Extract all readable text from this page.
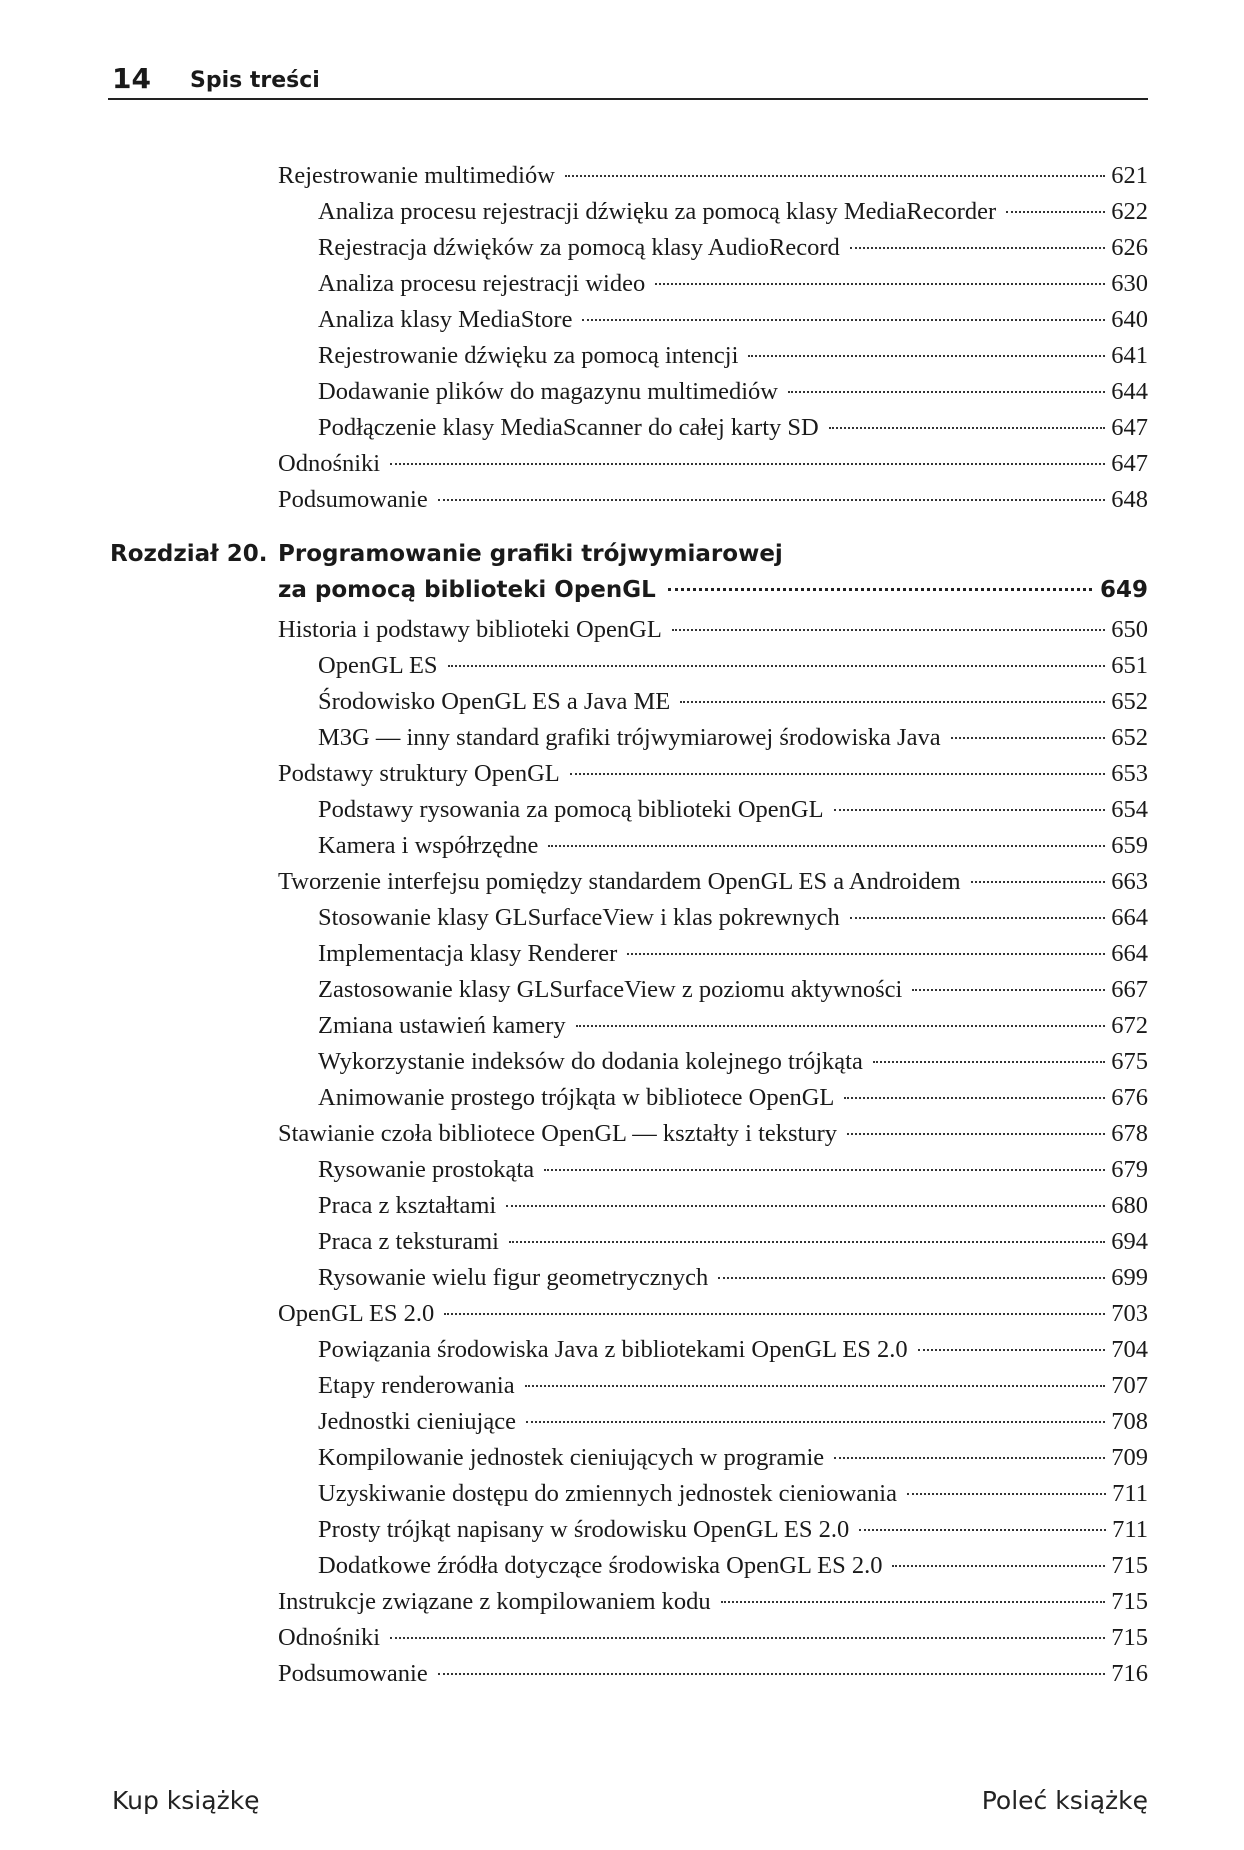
14 Spis treści
Rejestrowanie multimediów	621
Analiza procesu rejestracji dźwięku za pomocą klasy MediaRecorder	622
Rejestracja dźwięków za pomocą klasy AudioRecord	626
Analiza procesu rejestracji wideo	630
Analiza klasy MediaStore	640
Rejestrowanie dźwięku za pomocą intencji	641
Dodawanie plików do magazynu multimediów	644
Podłączenie klasy MediaScanner do całej karty SD	647
Odnośniki	647
Podsumowanie	648
Rozdział 20. Programowanie grafiki trójwymiarowej
za pomocą biblioteki OpenGL	649
Historia i podstawy biblioteki OpenGL	650
OpenGL ES	651
Środowisko OpenGL ES a Java ME	652
M3G — inny standard grafiki trójwymiarowej środowiska Java	652
Podstawy struktury OpenGL	653
Podstawy rysowania za pomocą biblioteki OpenGL	654
Kamera i współrzędne	659
Tworzenie interfejsu pomiędzy standardem OpenGL ES a Androidem	663
Stosowanie klasy GLSurfaceView i klas pokrewnych	664
Implementacja klasy Renderer	664
Zastosowanie klasy GLSurfaceView z poziomu aktywności	667
Zmiana ustawień kamery	672
Wykorzystanie indeksów do dodania kolejnego trójkąta	675
Animowanie prostego trójkąta w bibliotece OpenGL	676
Stawianie czoła bibliotece OpenGL — kształty i tekstury	678
Rysowanie prostokąta	679
Praca z kształtami	680
Praca z teksturami	694
Rysowanie wielu figur geometrycznych	699
OpenGL ES 2.0	703
Powiązania środowiska Java z bibliotekami OpenGL ES 2.0	704
Etapy renderowania	707
Jednostki cieniujące	708
Kompilowanie jednostek cieniujących w programie	709
Uzyskiwanie dostępu do zmiennych jednostek cieniowania	711
Prosty trójkąt napisany w środowisku OpenGL ES 2.0	711
Dodatkowe źródła dotyczące środowiska OpenGL ES 2.0	715
Instrukcje związane z kompilowaniem kodu	715
Odnośniki	715
Podsumowanie	716
Kup książkę	Poleć książkę
